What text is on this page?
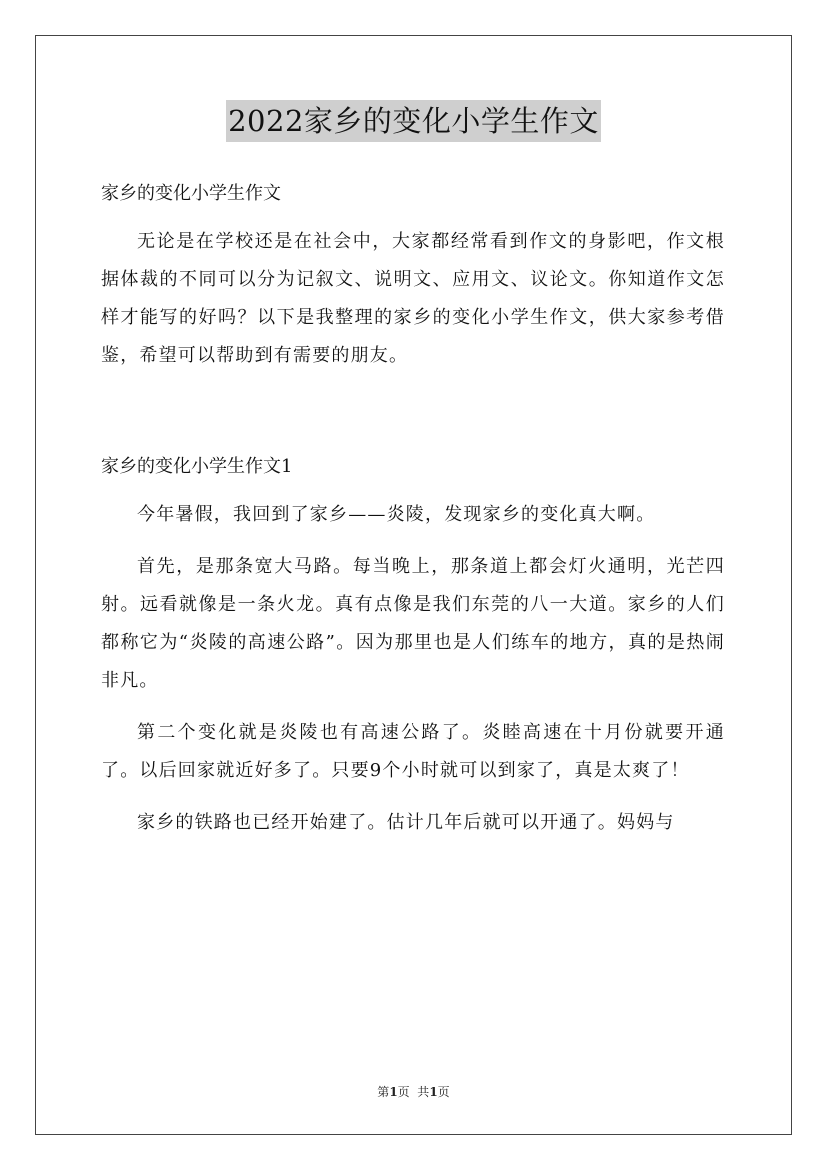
2022家乡的变化小学生作文

家乡的变化小学生作文

无论是在学校还是在社会中，大家都经常看到作文的身影吧，作文根据体裁的不同可以分为记叙文、说明文、应用文、议论文。你知道作文怎样才能写的好吗？以下是我整理的家乡的变化小学生作文，供大家参考借鉴，希望可以帮助到有需要的朋友。

家乡的变化小学生作文1

今年暑假，我回到了家乡——炎陵，发现家乡的变化真大啊。

首先，是那条宽大马路。每当晚上，那条道上都会灯火通明，光芒四射。远看就像是一条火龙。真有点像是我们东莞的八一大道。家乡的人们都称它为“炎陵的高速公路”。因为那里也是人们练车的地方，真的是热闹非凡。

第二个变化就是炎陵也有高速公路了。炎睦高速在十月份就要开通了。以后回家就近好多了。只要9个小时就可以到家了，真是太爽了！

家乡的铁路也已经开始建了。估计几年后就可以开通了。妈妈与

第1页  共1页
